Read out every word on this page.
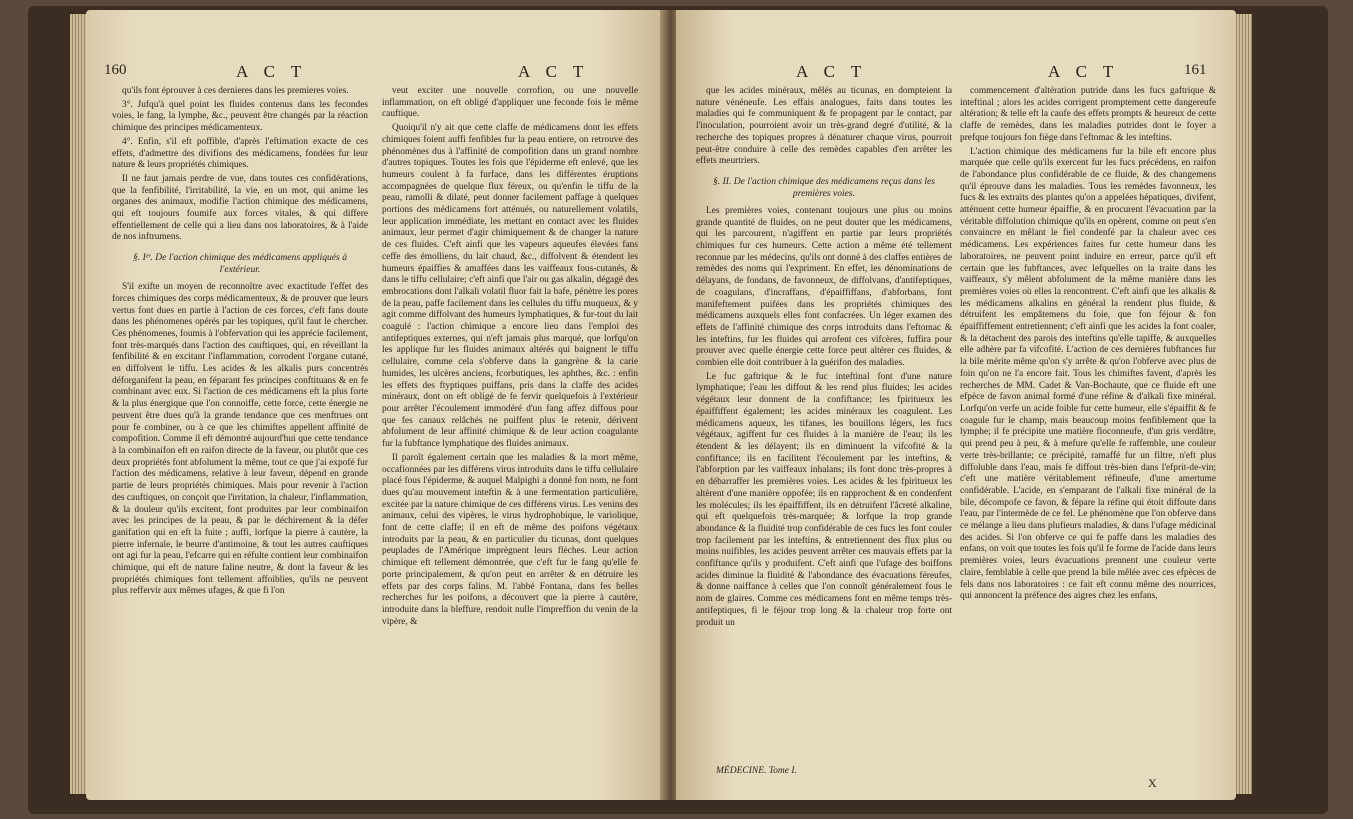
160	A C T	A C T

qu'ils font éprouver à ces dernieres dans les premieres voies.

3°. Jufqu'à quel point les fluides contenus dans les fecondes voies, le fang, la lymphe, &c., peuvent être changés par la réaction chimique des principes médicamenteux.

4°. Enfin, s'il eft poffible, d'après l'eftimation exacte de ces effets, d'admettre des divifions des médicamens, fondées fur leur nature & leurs propriétés chimiques.

Il ne faut jamais perdre de vue, dans toutes ces confidérations, que la fenfibilité, l'irritabilité, la vie, en un mot, qui anime les organes des animaux, modifie l'action chimique des médicamens, qui eft toujours foumife aux forces vitales, & qui differe effentiellement de celle qui a lieu dans nos laboratoires, & à l'aide de nos inftrumens.

§. Iᵉʳ. De l'action chimique des médicamens appliqués à l'extérieur.

S'il exifte un moyen de reconnoître avec exactitude l'effet des forces chimiques des corps médicamenteux, & de prouver que leurs vertus font dues en partie à l'action de ces forces, c'eft fans doute dans les phénomenes opérés par les topiques, qu'il faut le chercher. Ces phénomenes, foumis à l'obfervation qui les apprécie facilement, font très-marqués dans l'action des cauftiques, qui, en réveillant la fenfibilité & en excitant l'inflammation, corrodent l'organe cutané, en diffolvent le tiffu. Les acides & les alkalis purs concentrés déforganifent la peau, en féparant fes principes conftituans & en fe combinant avec eux. Si l'action de ces médicamens eft la plus forte & la plus énergique que l'on connoiffe, cette force, cette énergie ne peuvent être dues qu'à la grande tendance que ces menftrues ont pour fe combiner, ou à ce que les chimiftes appellent affinité de compofition. Comme il eft démontré aujourd'hui que cette tendance à la combinaifon eft en raifon directe de la faveur, ou plutôt que ces deux propriétés font abfolument la même, tout ce que j'ai expofé fur l'action des médicamens, relative à leur faveur, dépend en grande partie de leurs propriétés chimiques. Mais pour revenir à l'action des cauftiques, on conçoit que l'irritation, la chaleur, l'inflammation, & la douleur qu'ils excitent, font produites par leur combinaifon avec les principes de la peau, & par le déchirement & la défer ganifation qui en eft la fuite ; auffi, lorfque la pierre à cautère, la pierre infernale, le beurre d'antimoine, & tout les autres cauftiques ont agi fur la peau, l'efcarre qui en réfulte contient leur combinaifon chimique, qui eft de nature faline neutre, & dont la faveur & les propriétés chimiques font tellement affoiblies, qu'ils ne peuvent plus reffervir aux mêmes ufages, & que fi l'on

veut exciter une nouvelle corrofion, ou une nouvelle inflammation, on eft obligé d'appliquer une feconde fois le même cauftique.

Quoiqu'il n'y ait que cette claffe de médicamens dont les effets chimiques foient auffi fenfibles fur la peau entiere, on retrouve des phénomènes dus à l'affinité de compofition dans un grand nombre d'autres topiques. Toutes les fois que l'épiderme eft enlevé, que les humeurs coulent à fa furface, dans les différentes éruptions accompagnées de quelque flux féreux, ou qu'enfin le tiffu de la peau, ramolli & dilaté, peut donner facilement paffage à quelques portions des médicamens fort atténués, ou naturellement volatils, leur application immédiate, les mettant en contact avec les fluides animaux, leur permet d'agir chimiquement & de changer la nature de ces fluides. C'eft ainfi que les vapeurs aqueufes élevées fans ceffe des émolliens, du lait chaud, &c., diffolvent & étendent les humeurs épaiffies & amaffées dans les vaiffeaux fous-cutanés, & dans le tiffu cellulaire; c'eft ainfi que l'air ou gas alkalin, dégagé des embrocations dont l'alkali volatil fluor fait la bafe, pénètre les pores de la peau, paffe facilement dans les cellules du tiffu muqueux, & y agit comme diffolvant des humeurs lymphatiques, & fur-tout du lait coagulé : l'action chimique a encore lieu dans l'emploi des antifeptiques externes, qui n'eft jamais plus marqué, que lorfqu'on les applique fur les fluides animaux altérés qui baignent le tiffu cellulaire, comme cela s'obferve dans la gangrène & la carie humides, les ulcères anciens, fcorbutiques, les aphthes, &c. : enfin les effets des ftyptiques puiffans, pris dans la claffe des acides minéraux, dont on eft obligé de fe fervir quelquefois à l'extérieur pour arrêter l'écoulement immodéré d'un fang affez diffous pour que fes canaux relâchés ne puiffent plus le retenir, dérivent abfolument de leur affinité chimique & de leur action coagulante fur la fubftance lymphatique des fluides animaux.

Il paroît également certain que les maladies & la mort même, occafionnées par les différens virus introduits dans le tiffu cellulaire placé fous l'épiderme, & auquel Malpighi a donné fon nom, ne font dues qu'au mouvement inteftin & à une fermentation particulière, excitée par la nature chimique de ces différens virus. Les venins des animaux, celui des vipères, le virus hydrophobique, le variolique, font de cette claffe; il en eft de même des poifons végétaux introduits par la peau, & en particulier du ticunas, dont quelques peuplades de l'Amérique imprègnent leurs flèches. Leur action chimique eft tellement démontrée, que c'eft fur le fang qu'elle fe porte principalement, & qu'on peut en arrêter & en détruire les effets par des corps falins. M. l'abbé Fontana, dans fes belles recherches fur les poifons, a découvert que la pierre à cautère, introduite dans la bleffure, rendoit nulle l'impreffion du venin de la vipère, &

A C T	A C T	161

que les acides minéraux, mêlés au ticunas, en dompteient la nature vénéneufe. Les effais analogues, faits dans toutes les maladies qui fe communiquent & fe propagent par le contact, par l'inoculation, pourroient avoir un très-grand degré d'utilité, & la recherche des topiques propres à dénaturer chaque virus, pourroit peut-être conduire à celle des remèdes capables d'en arrêter les effets meurtriers.

§. II. De l'action chimique des médicamens reçus dans les premières voies.

Les premières voies, contenant toujours une plus ou moins grande quantité de fluides, on ne peut douter que les médicamens, qui les parcourent, n'agiffent en partie par leurs propriétés chimiques fur ces humeurs. Cette action a même été tellement reconnue par les médecins, qu'ils ont donné à des claffes entières de remèdes des noms qui l'expriment. En effet, les dénominations de délayans, de fondans, de favonneux, de diffolvans, d'antifeptiques, de coagulans, d'incraffans, d'épaiffiffans, d'abforbans, font manifeftement puifées dans les propriétés chimiques des médicamens auxquels elles font confacrées. Un léger examen des effets de l'affinité chimique des corps introduits dans l'eftomac & les inteftins, fur les fluides qui arrofent ces vifcères, fuffira pour prouver avec quelle énergie cette force peut altérer ces fluides, & combien elle doit contribuer à la guérifon des maladies.

Le fuc gaftrique & le fuc inteftinal font d'une nature lymphatique; l'eau les diffout & les rend plus fluides; les acides végétaux leur donnent de la confiftance; les fpiritueux les épaiffiffent également; les acides minéraux les coagulent. Les médicamens aqueux, les tifanes, les bouillons légers, les fucs végétaux, agiffent fur ces fluides à la manière de l'eau; ils les étendent & les délayent; ils en diminuent la vifcofité & la confiftance; ils en facilitent l'écoulement par les inteftins, & l'abforption par les vaiffeaux inhalans; ils font donc très-propres à en débarraffer les premières voies. Les acides & les fpiritueux les altèrent d'une manière oppofée; ils en rapprochent & en condenfent les molécules; ils les épaiffiffent, ils en détruifent l'âcreté alkaline, qui eft quelquefois très-marquée; & lorfque la trop grande abondance & la fluidité trop confidérable de ces fucs les font couler trop facilement par les inteftins, & entretiennent des flux plus ou moins nuifibles, les acides peuvent arrêter ces mauvais effets par la confiftance qu'ils y produifent. C'eft ainfi que l'ufage des boiffons acides diminue la fluidité & l'abondance des évacuations féreufes, & donne naiffance à celles que l'on connoît généralement fous le nom de glaires. Comme ces médicamens font en même temps très-antifeptiques, fi le féjour trop long & la chaleur trop forte ont produit un

commencement d'altération putride dans les fucs gaftrique & inteftinal ; alors les acides corrigent promptement cette dangereufe altération; & telle eft la caufe des effets prompts & heureux de cette claffe de remèdes, dans les maladies putrides dont le foyer a prefque toujours fon fiège dans l'eftomac & les inteftins.

L'action chimique des médicamens fur la bile eft encore plus marquée que celle qu'ils exercent fur les fucs précédens, en raifon de l'abondance plus confidérable de ce fluide, & des changemens qu'il éprouve dans les maladies. Tous les remèdes favonneux, les fucs & les extraits des plantes qu'on a appelées hépatiques, divifent, atténuent cette humeur épaiffie, & en procurent l'évacuation par la véritable diffolution chimique qu'ils en opèrent, comme on peut s'en convaincre en mêlant le fiel condenfé par la chaleur avec ces médicamens. Les expériences faites fur cette humeur dans les laboratoires, ne peuvent point induire en erreur, parce qu'il eft certain que les fubftances, avec lefquelles on la traite dans les vaiffeaux, s'y mêlent abfolument de la même manière dans les premières voies où elles la rencontrent. C'eft ainfi que les alkalis & les médicamens alkalins en général la rendent plus fluide, & détruifent les empâtemens du foie, que fon féjour & fon épaiffiffement entretiennent; c'eft ainfi que les acides la font coaler, & la détachent des parois des inteftins qu'elle tapiffe, & auxquelles elle adhère par fa vifcofité. L'action de ces dernières fubftances fur la bile mérite même qu'on s'y arrête & qu'on l'obferve avec plus de foin qu'on ne l'a encore fait. Tous les chimiftes favent, d'après les recherches de MM. Cadet & Van-Bochaute, que ce fluide eft une efpèce de favon animal formé d'une réfine & d'alkali fixe minéral. Lorfqu'on verfe un acide foible fur cette humeur, elle s'épaiffit & fe coagule fur le champ, mais beaucoup moins fenfiblement que la lymphe; il fe précipite une matière floconneufe, d'un gris verdâtre, qui prend peu à peu, & à mefure qu'elle fe raffemble, une couleur verte très-brillante; ce précipité, ramaffé fur un filtre, n'eft plus diffoluble dans l'eau, mais fe diffout très-bien dans l'efprit-de-vin; c'eft une matière véritablement réfineufe, d'une amertume confidérable. L'acide, en s'emparant de l'alkali fixe minéral de la bile, décompofe ce favon, & fépare la réfine qui étoit diffoute dans l'eau, par l'intermède de ce fel. Le phénomène que l'on obferve dans ce mélange a lieu dans plufieurs maladies, & dans l'ufage médicinal des acides. Si l'on obferve ce qui fe paffe dans les maladies des enfans, on voit que toutes les fois qu'il fe forme de l'acide dans leurs premières voies, leurs évacuations prennent une couleur verte claire, femblable à celle que prend la bile mêlée avec ces efpèces de fels dans nos laboratoires : ce fait eft connu même des nourrices, qui annoncent la préfence des aigres chez les enfans,

MÉDECINE. Tome I.
X
